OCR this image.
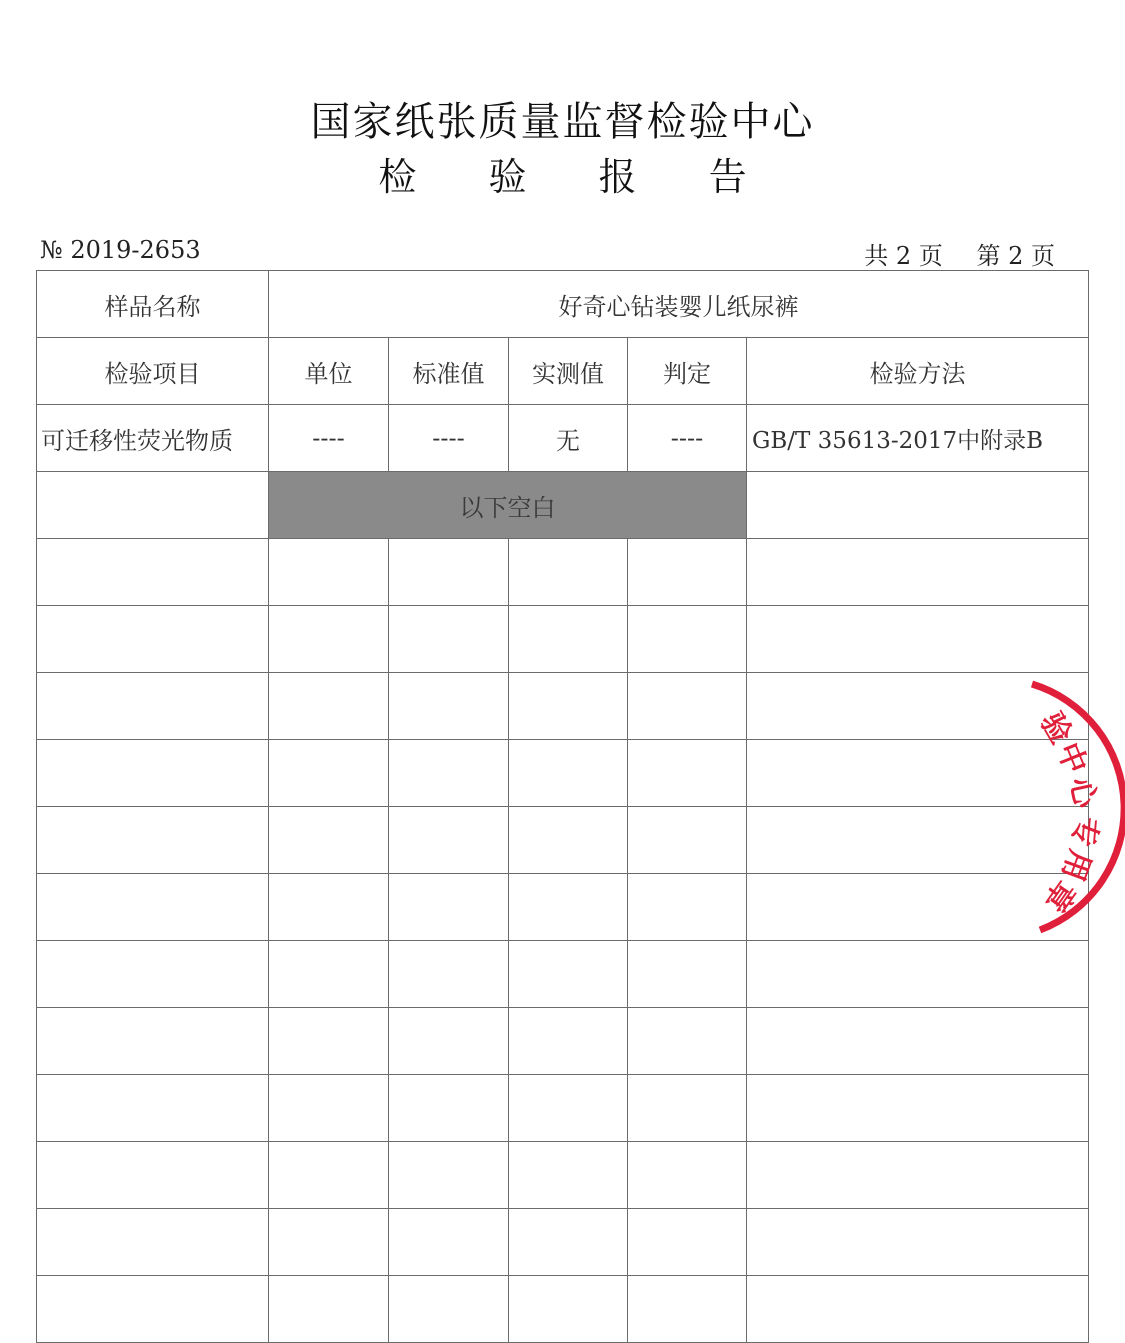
国家纸张质量监督检验中心
检 验 报 告
№ 2019-2653	共 2 页 第 2 页
样品名称	好奇心钻装婴儿纸尿裤				
检验项目	单位	标准值	实测值	判定	检验方法
可迁移性荧光物质	----	----	无	----	GB/T 35613-2017中附录B
	以下空白				

验
中
心
专
用
章
